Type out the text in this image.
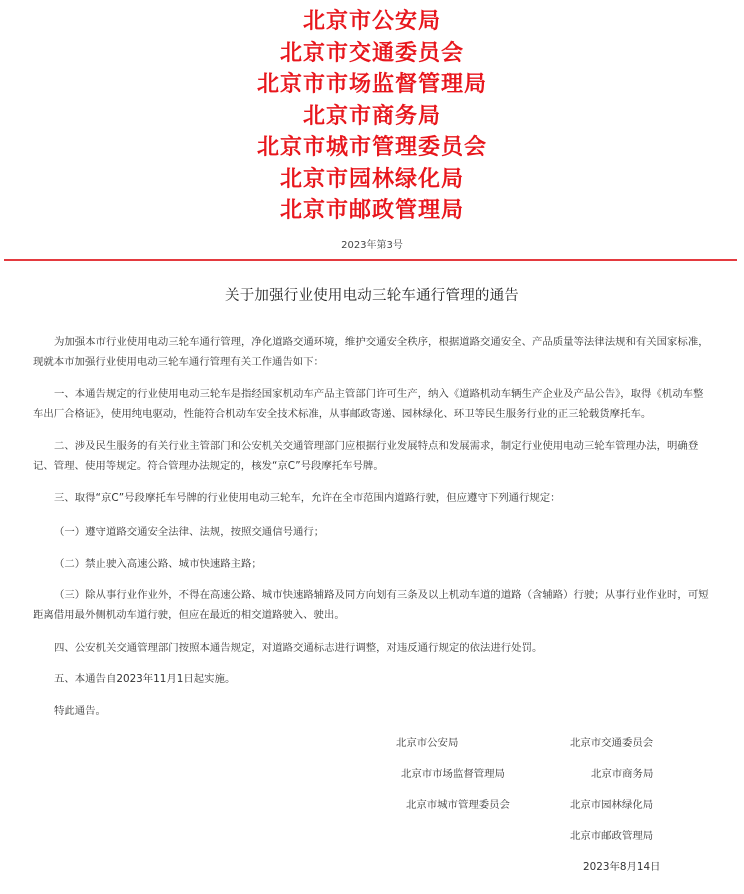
北京市公安局
北京市交通委员会
北京市市场监督管理局
北京市商务局
北京市城市管理委员会
北京市园林绿化局
北京市邮政管理局
2023年第3号
关于加强行业使用电动三轮车通行管理的通告
为加强本市行业使用电动三轮车通行管理，净化道路交通环境，维护交通安全秩序，根据道路交通安全、产品质量等法律法规和有关国家标准，
现就本市加强行业使用电动三轮车通行管理有关工作通告如下：
一、本通告规定的行业使用电动三轮车是指经国家机动车产品主管部门许可生产，纳入《道路机动车辆生产企业及产品公告》，取得《机动车整
车出厂合格证》，使用纯电驱动，性能符合机动车安全技术标准，从事邮政寄递、园林绿化、环卫等民生服务行业的正三轮载货摩托车。
二、涉及民生服务的有关行业主管部门和公安机关交通管理部门应根据行业发展特点和发展需求，制定行业使用电动三轮车管理办法，明确登
记、管理、使用等规定。符合管理办法规定的，核发“京C”号段摩托车号牌。
三、取得“京C”号段摩托车号牌的行业使用电动三轮车，允许在全市范围内道路行驶，但应遵守下列通行规定：
（一）遵守道路交通安全法律、法规，按照交通信号通行；
（二）禁止驶入高速公路、城市快速路主路；
（三）除从事行业作业外，不得在高速公路、城市快速路辅路及同方向划有三条及以上机动车道的道路（含辅路）行驶；从事行业作业时，可短
距离借用最外侧机动车道行驶，但应在最近的相交道路驶入、驶出。
四、公安机关交通管理部门按照本通告规定，对道路交通标志进行调整，对违反通行规定的依法进行处罚。
五、本通告自2023年11月1日起实施。
特此通告。
北京市公安局	北京市交通委员会
北京市市场监督管理局	北京市商务局
北京市城市管理委员会	北京市园林绿化局
北京市邮政管理局
2023年8月14日
